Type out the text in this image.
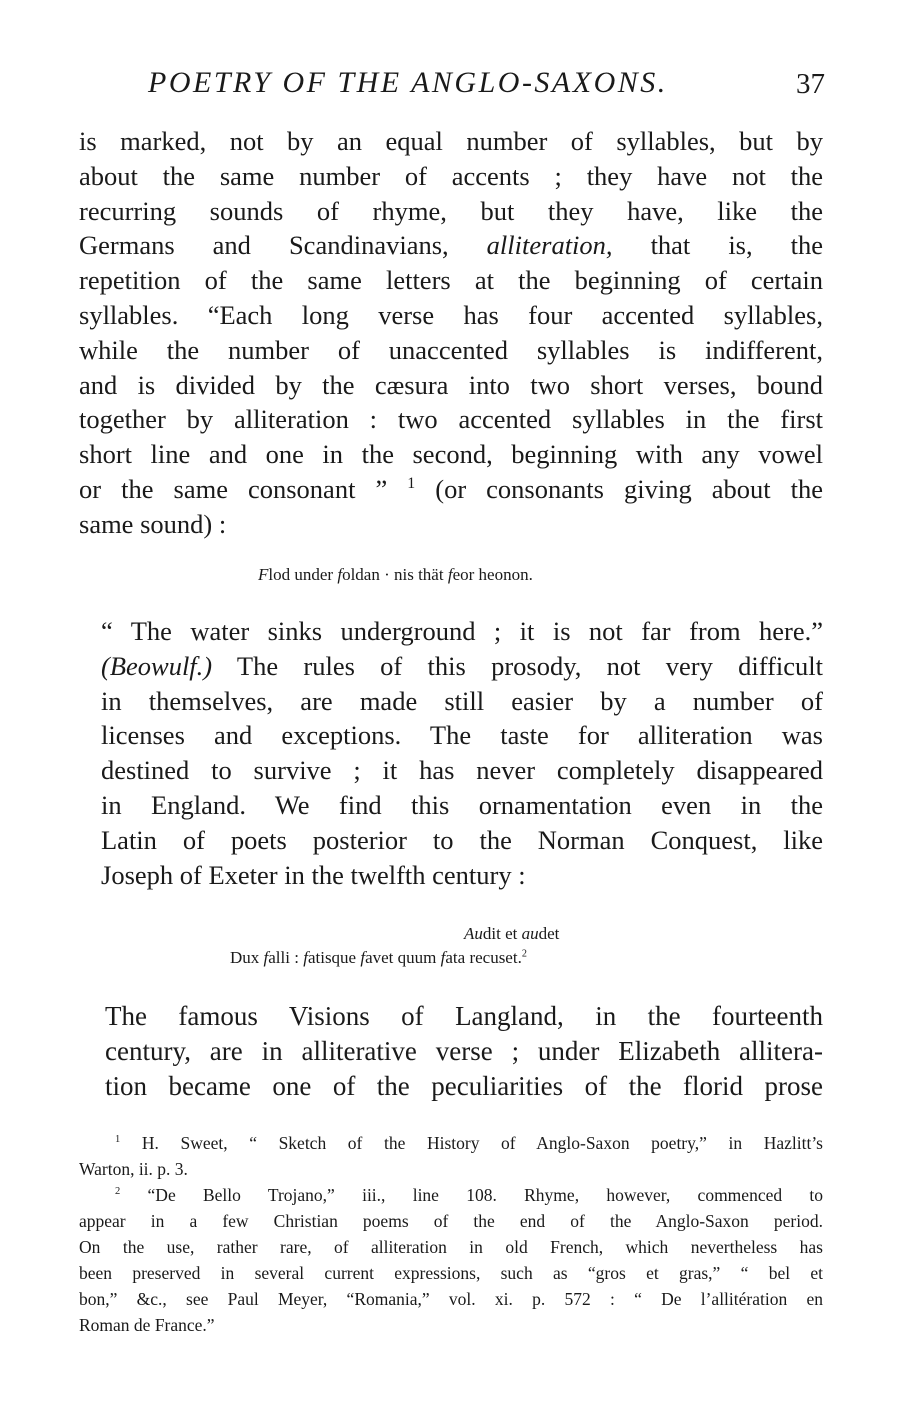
POETRY OF THE ANGLO-SAXONS.	37
is marked, not by an equal number of syllables, but by
about the same number of accents ; they have not the
recurring sounds of rhyme, but they have, like the
Germans and Scandinavians, alliteration, that is, the
repetition of the same letters at the beginning of certain
syllables. “Each long verse has four accented syllables,
while the number of unaccented syllables is indifferent,
and is divided by the cæsura into two short verses, bound
together by alliteration : two accented syllables in the first
short line and one in the second, beginning with any vowel
or the same consonant ” $^1$ (or consonants giving about the
same sound) :
Flod under foldan · nis thät feor heonon.
“ The water sinks underground ; it is not far from here.”
(Beowulf.) The rules of this prosody, not very difficult
in themselves, are made still easier by a number of
licenses and exceptions. The taste for alliteration was
destined to survive ; it has never completely disappeared
in England. We find this ornamentation even in the
Latin of poets posterior to the Norman Conquest, like
Joseph of Exeter in the twelfth century :
Audit et audet
Dux falli : fatisque favet quum fata recuset.$^2$
The famous Visions of Langland, in the fourteenth
century, are in alliterative verse ; under Elizabeth allitera-
tion became one of the peculiarities of the florid prose
$^1$ H. Sweet, “ Sketch of the History of Anglo-Saxon poetry,” in Hazlitt’s
Warton, ii. p. 3.
$^2$ “De Bello Trojano,” iii., line 108. Rhyme, however, commenced to
appear in a few Christian poems of the end of the Anglo-Saxon period.
On the use, rather rare, of alliteration in old French, which nevertheless has
been preserved in several current expressions, such as “gros et gras,” “ bel et
bon,” &c., see Paul Meyer, “Romania,” vol. xi. p. 572 : “ De l’allitération en
Roman de France.”
